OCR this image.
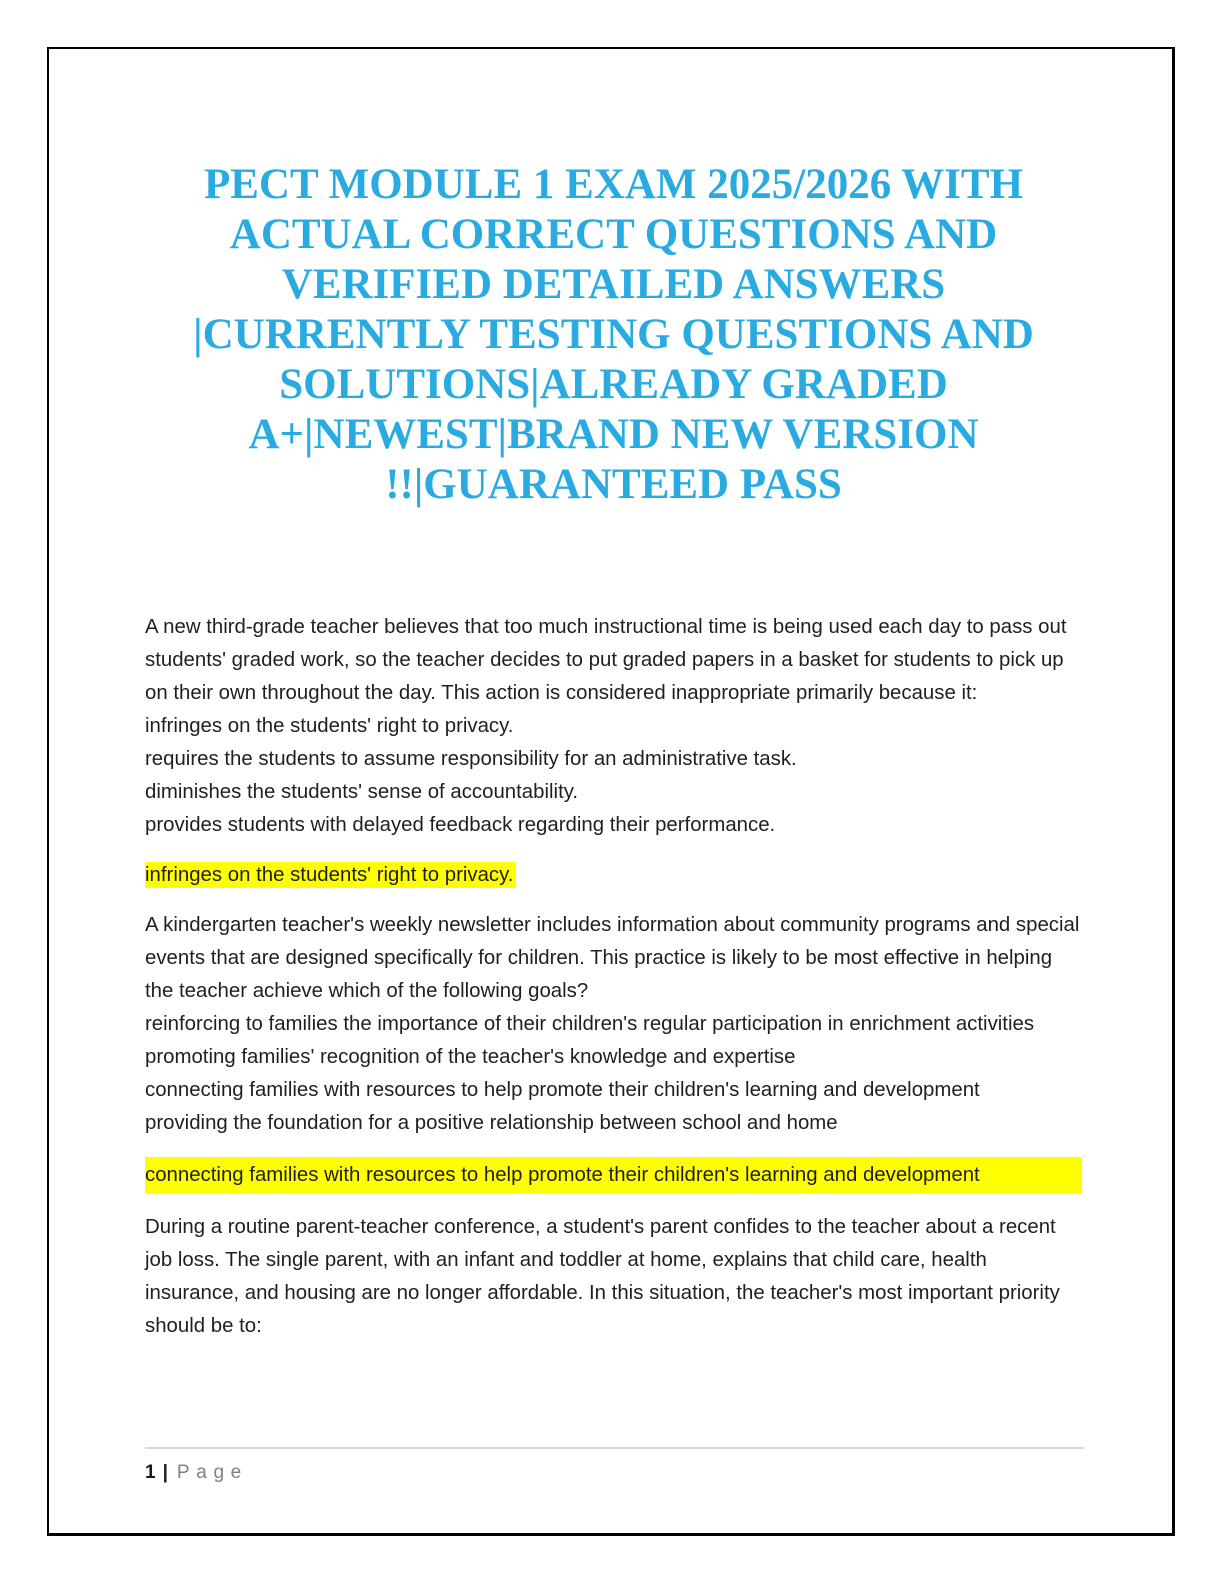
PECT MODULE 1 EXAM 2025/2026 WITH
ACTUAL CORRECT QUESTIONS AND
VERIFIED DETAILED ANSWERS
|CURRENTLY TESTING QUESTIONS AND
SOLUTIONS|ALREADY GRADED
A+|NEWEST|BRAND NEW VERSION
!!|GUARANTEED PASS

A new third-grade teacher believes that too much instructional time is being used each day to pass out students' graded work, so the teacher decides to put graded papers in a basket for students to pick up on their own throughout the day. This action is considered inappropriate primarily because it:

infringes on the students' right to privacy.

requires the students to assume responsibility for an administrative task.

diminishes the students' sense of accountability.

provides students with delayed feedback regarding their performance.

infringes on the students' right to privacy.

A kindergarten teacher's weekly newsletter includes information about community programs and special events that are designed specifically for children. This practice is likely to be most effective in helping the teacher achieve which of the following goals?

reinforcing to families the importance of their children's regular participation in enrichment activities

promoting families' recognition of the teacher's knowledge and expertise

connecting families with resources to help promote their children's learning and development

providing the foundation for a positive relationship between school and home

connecting families with resources to help promote their children's learning and development

During a routine parent-teacher conference, a student's parent confides to the teacher about a recent job loss. The single parent, with an infant and toddler at home, explains that child care, health insurance, and housing are no longer affordable. In this situation, the teacher's most important priority should be to:

1 | Page
